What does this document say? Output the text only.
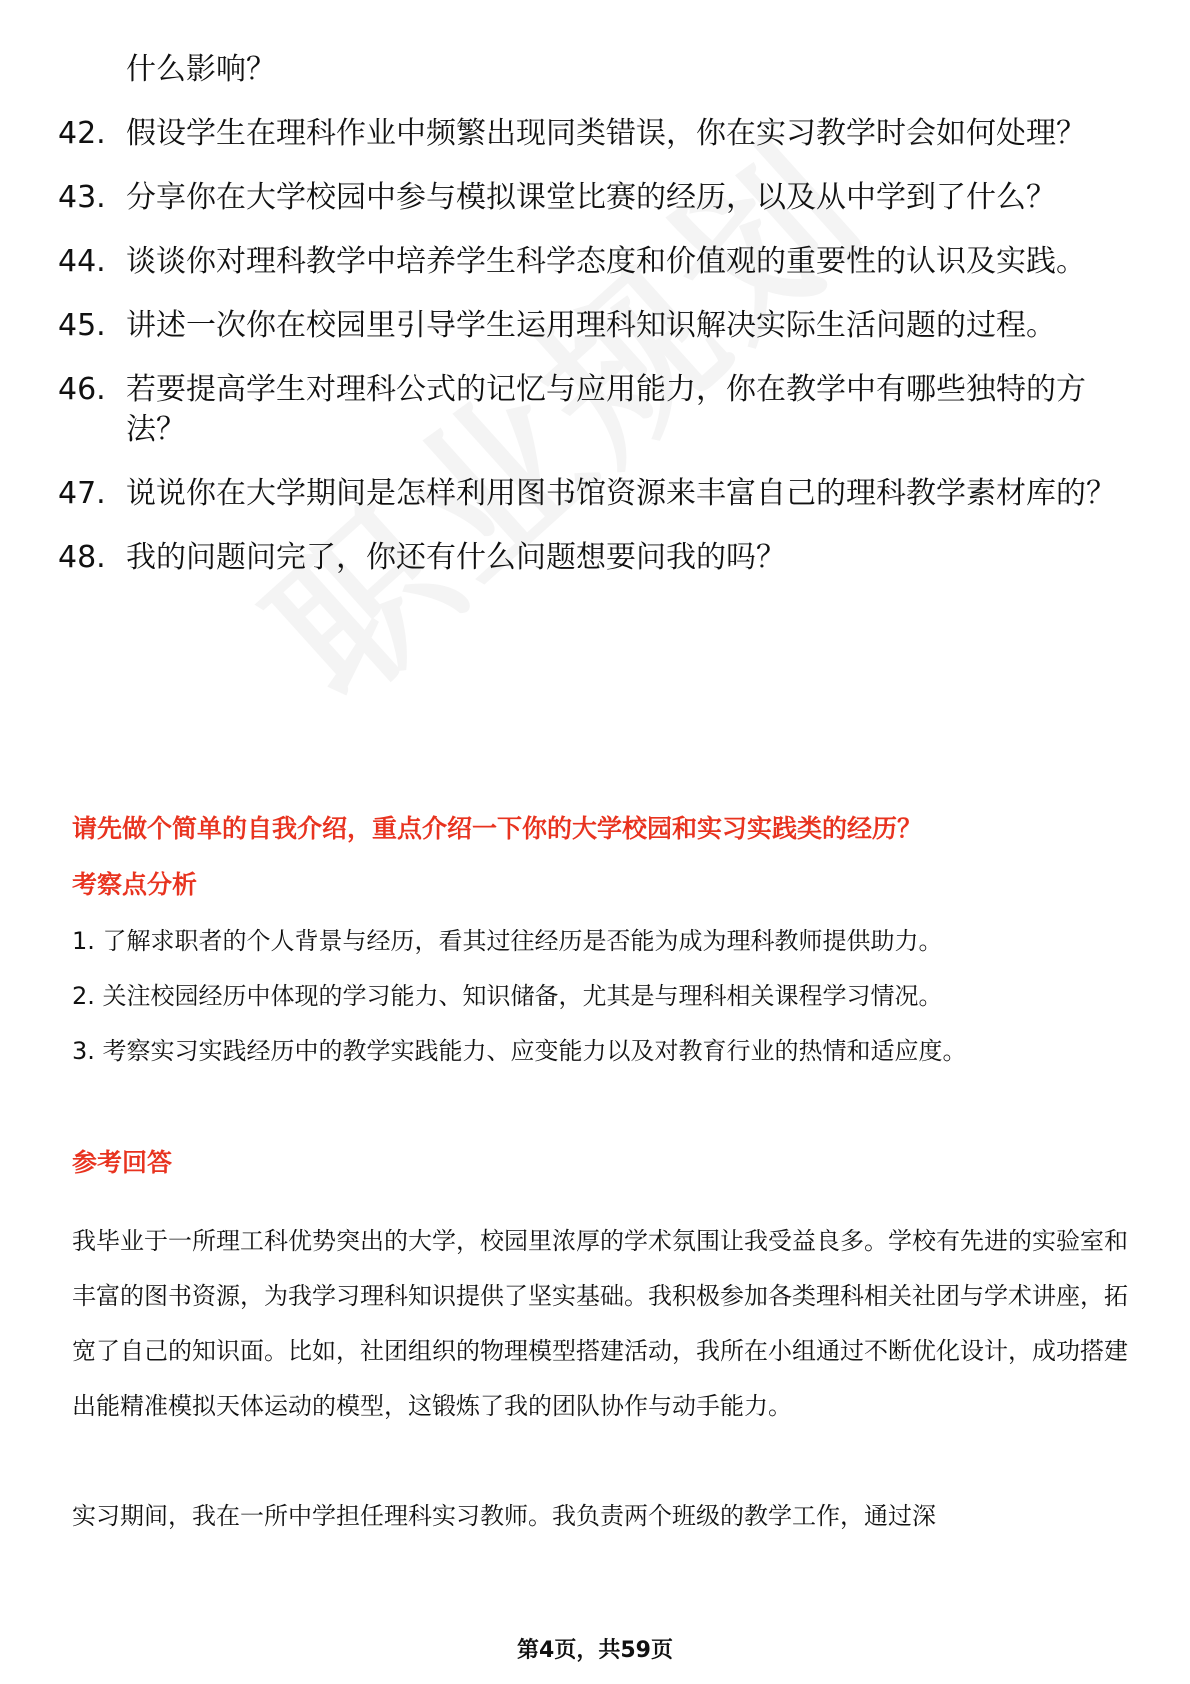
什么影响？
42. 假设学生在理科作业中频繁出现同类错误，你在实习教学时会如何处理？
43. 分享你在大学校园中参与模拟课堂比赛的经历，以及从中学到了什么？
44. 谈谈你对理科教学中培养学生科学态度和价值观的重要性的认识及实践。
45. 讲述一次你在校园里引导学生运用理科知识解决实际生活问题的过程。
46. 若要提高学生对理科公式的记忆与应用能力，你在教学中有哪些独特的方法？
47. 说说你在大学期间是怎样利用图书馆资源来丰富自己的理科教学素材库的？
48. 我的问题问完了，你还有什么问题想要问我的吗？
请先做个简单的自我介绍，重点介绍一下你的大学校园和实习实践类的经历？
考察点分析
1. 了解求职者的个人背景与经历，看其过往经历是否能为成为理科教师提供助力。
2. 关注校园经历中体现的学习能力、知识储备，尤其是与理科相关课程学习情况。
3. 考察实习实践经历中的教学实践能力、应变能力以及对教育行业的热情和适应度。
参考回答

我毕业于一所理工科优势突出的大学，校园里浓厚的学术氛围让我受益良多。学校有先进的实验室和丰富的图书资源，为我学习理科知识提供了坚实基础。我积极参加各类理科相关社团与学术讲座，拓宽了自己的知识面。比如，社团组织的物理模型搭建活动，我所在小组通过不断优化设计，成功搭建出能精准模拟天体运动的模型，这锻炼了我的团队协作与动手能力。

实习期间，我在一所中学担任理科实习教师。我负责两个班级的教学工作，通过深

第4页，共59页
